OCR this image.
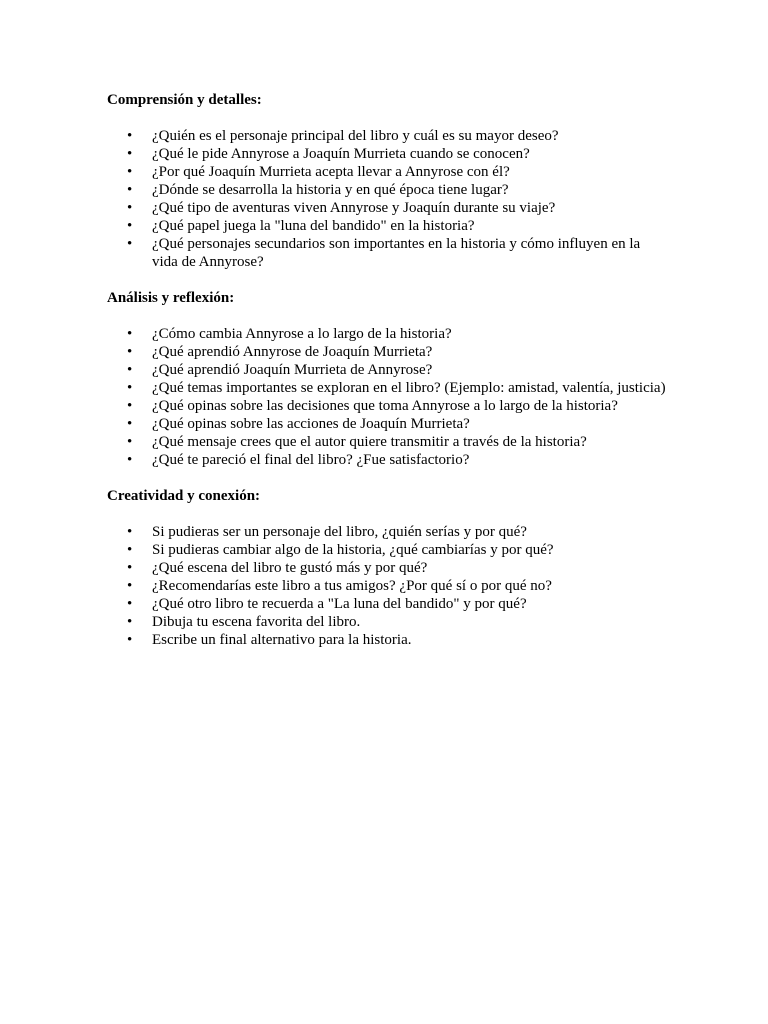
Comprensión y detalles:

•	¿Quién es el personaje principal del libro y cuál es su mayor deseo?
•	¿Qué le pide Annyrose a Joaquín Murrieta cuando se conocen?
•	¿Por qué Joaquín Murrieta acepta llevar a Annyrose con él?
•	¿Dónde se desarrolla la historia y en qué época tiene lugar?
•	¿Qué tipo de aventuras viven Annyrose y Joaquín durante su viaje?
•	¿Qué papel juega la "luna del bandido" en la historia?
•	¿Qué personajes secundarios son importantes en la historia y cómo influyen en la vida de Annyrose?

Análisis y reflexión:

•	¿Cómo cambia Annyrose a lo largo de la historia?
•	¿Qué aprendió Annyrose de Joaquín Murrieta?
•	¿Qué aprendió Joaquín Murrieta de Annyrose?
•	¿Qué temas importantes se exploran en el libro? (Ejemplo: amistad, valentía, justicia)
•	¿Qué opinas sobre las decisiones que toma Annyrose a lo largo de la historia?
•	¿Qué opinas sobre las acciones de Joaquín Murrieta?
•	¿Qué mensaje crees que el autor quiere transmitir a través de la historia?
•	¿Qué te pareció el final del libro? ¿Fue satisfactorio?

Creatividad y conexión:

•	Si pudieras ser un personaje del libro, ¿quién serías y por qué?
•	Si pudieras cambiar algo de la historia, ¿qué cambiarías y por qué?
•	¿Qué escena del libro te gustó más y por qué?
•	¿Recomendarías este libro a tus amigos? ¿Por qué sí o por qué no?
•	¿Qué otro libro te recuerda a "La luna del bandido" y por qué?
•	Dibuja tu escena favorita del libro.
•	Escribe un final alternativo para la historia.
